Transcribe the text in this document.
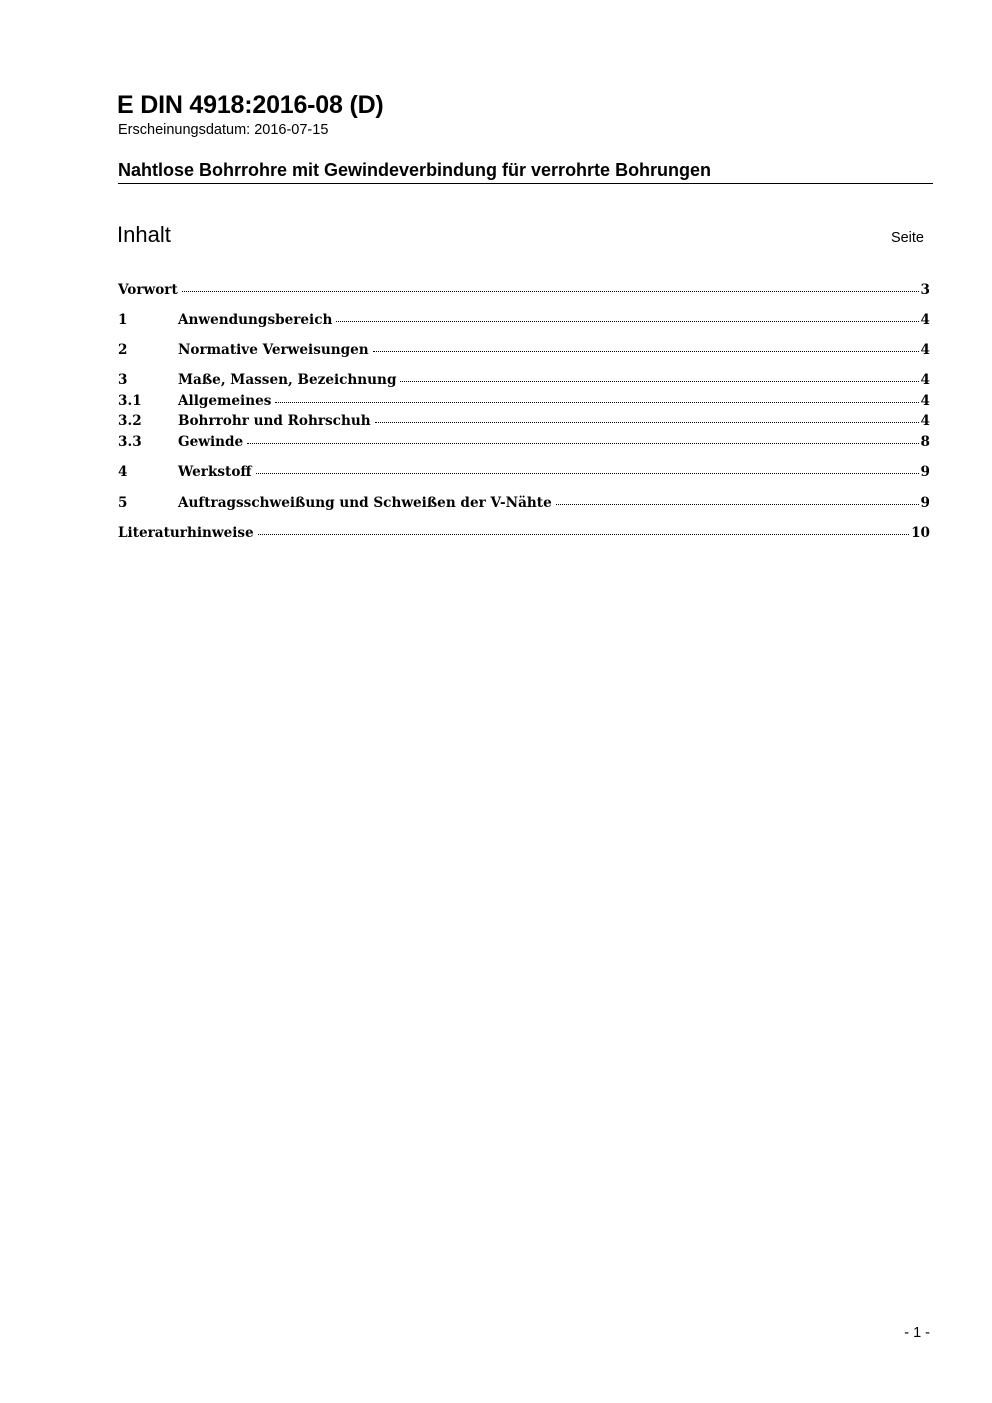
E DIN 4918:2016-08 (D)
Erscheinungsdatum: 2016-07-15
Nahtlose Bohrrohre mit Gewindeverbindung für verrohrte Bohrungen
Inhalt	Seite
Vorwort	3
1	Anwendungsbereich	4
2	Normative Verweisungen	4
3	Maße, Massen, Bezeichnung	4
3.1	Allgemeines	4
3.2	Bohrrohr und Rohrschuh	4
3.3	Gewinde	8
4	Werkstoff	9
5	Auftragsschweißung und Schweißen der V-Nähte	9
Literaturhinweise	10
- 1 -
